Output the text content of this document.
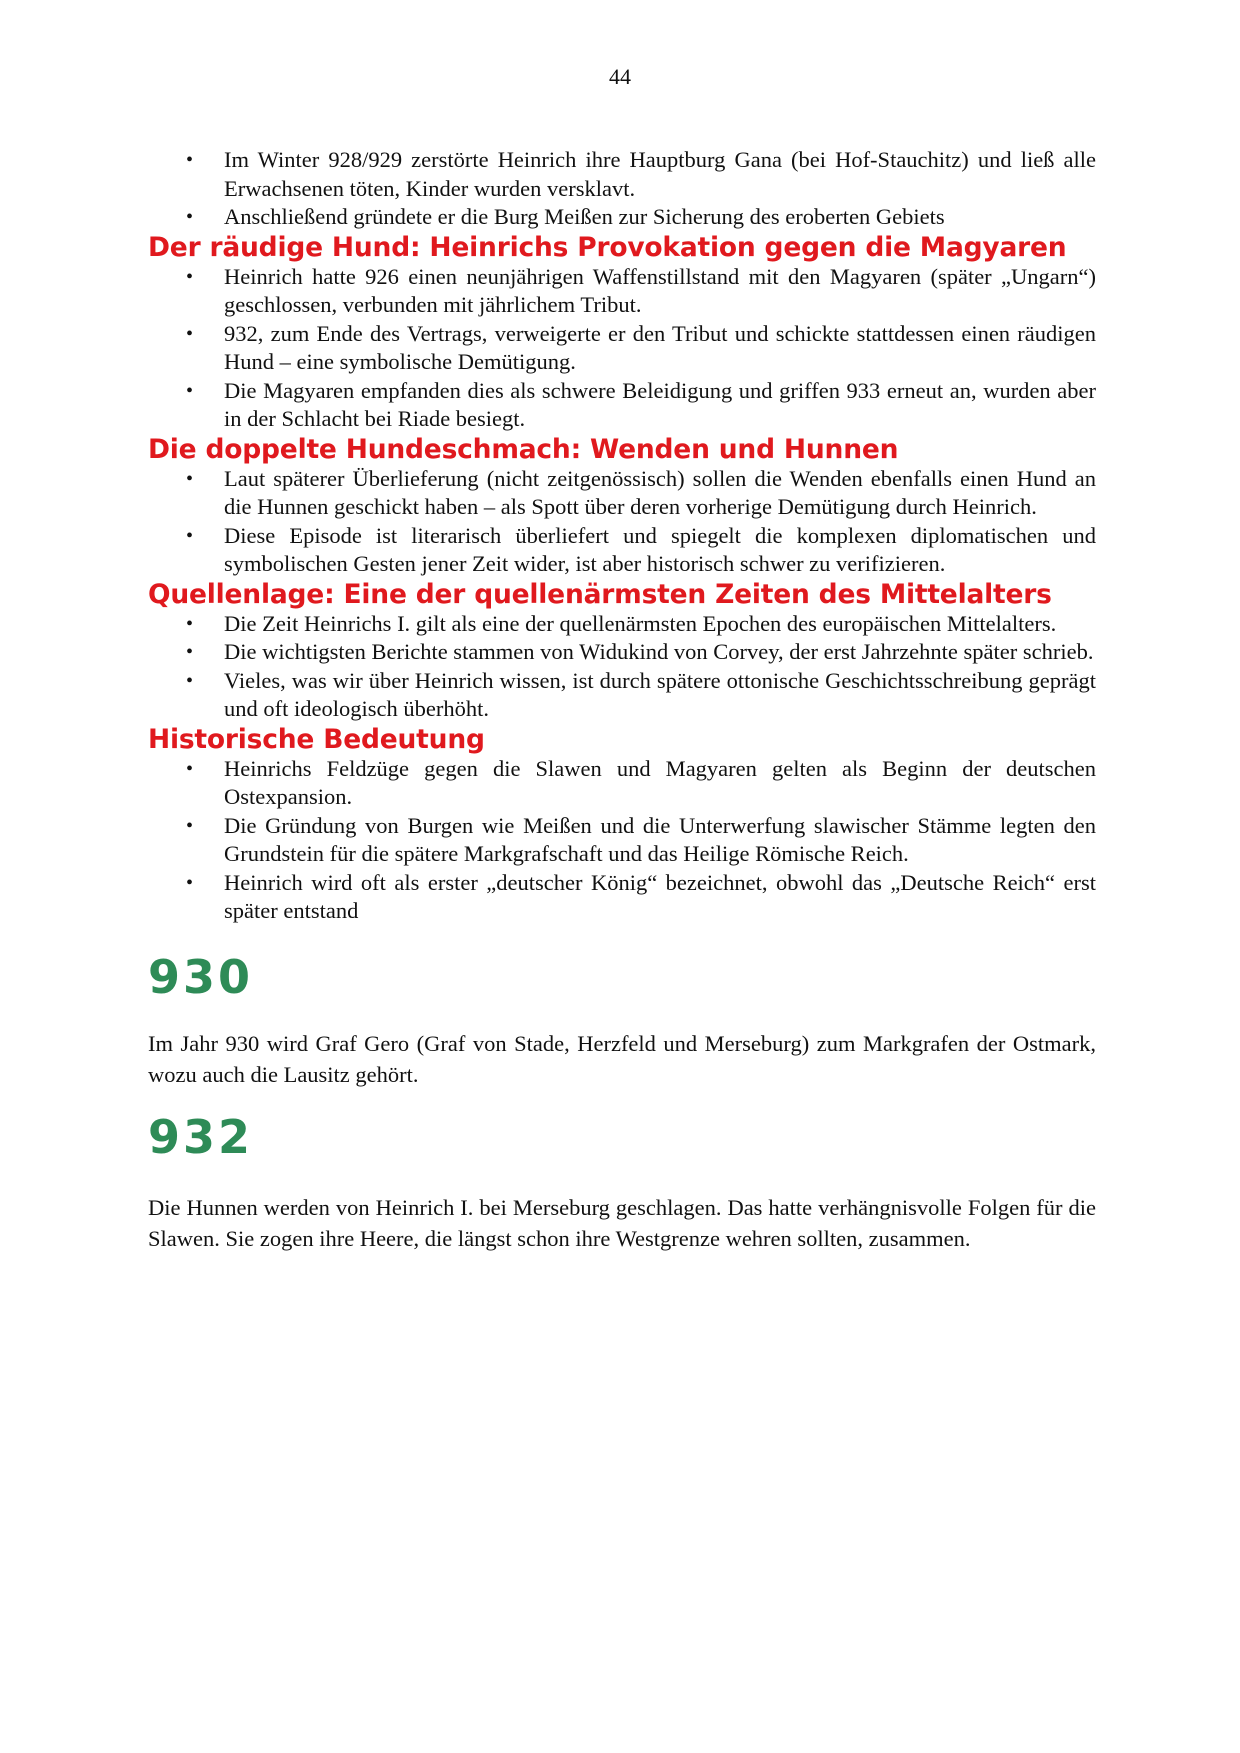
44
• Im Winter 928/929 zerstörte Heinrich ihre Hauptburg Gana (bei Hof-Stauchitz) und ließ alle Erwachsenen töten, Kinder wurden versklavt.
• Anschließend gründete er die Burg Meißen zur Sicherung des eroberten Gebiets
Der räudige Hund: Heinrichs Provokation gegen die Magyaren
• Heinrich hatte 926 einen neunjährigen Waffenstillstand mit den Magyaren (später „Ungarn“) geschlossen, verbunden mit jährlichem Tribut.
• 932, zum Ende des Vertrags, verweigerte er den Tribut und schickte stattdessen einen räudigen Hund – eine symbolische Demütigung.
• Die Magyaren empfanden dies als schwere Beleidigung und griffen 933 erneut an, wurden aber in der Schlacht bei Riade besiegt.
Die doppelte Hundeschmach: Wenden und Hunnen
• Laut späterer Überlieferung (nicht zeitgenössisch) sollen die Wenden ebenfalls einen Hund an die Hunnen geschickt haben – als Spott über deren vorherige Demütigung durch Heinrich.
• Diese Episode ist literarisch überliefert und spiegelt die komplexen diplomatischen und symbolischen Gesten jener Zeit wider, ist aber historisch schwer zu verifizieren.
Quellenlage: Eine der quellenärmsten Zeiten des Mittelalters
• Die Zeit Heinrichs I. gilt als eine der quellenärmsten Epochen des europäischen Mittelalters.
• Die wichtigsten Berichte stammen von Widukind von Corvey, der erst Jahrzehnte später schrieb.
• Vieles, was wir über Heinrich wissen, ist durch spätere ottonische Geschichtsschreibung geprägt und oft ideologisch überhöht.
Historische Bedeutung
• Heinrichs Feldzüge gegen die Slawen und Magyaren gelten als Beginn der deutschen Ostexpansion.
• Die Gründung von Burgen wie Meißen und die Unterwerfung slawischer Stämme legten den Grundstein für die spätere Markgrafschaft und das Heilige Römische Reich.
• Heinrich wird oft als erster „deutscher König“ bezeichnet, obwohl das „Deutsche Reich“ erst später entstand
930

Im Jahr 930 wird Graf Gero (Graf von Stade, Herzfeld und Merseburg) zum Markgrafen der Ostmark, wozu auch die Lausitz gehört.

932

Die Hunnen werden von Heinrich I. bei Merseburg geschlagen. Das hatte verhängnisvolle Folgen für die Slawen. Sie zogen ihre Heere, die längst schon ihre Westgrenze wehren sollten, zusammen.
